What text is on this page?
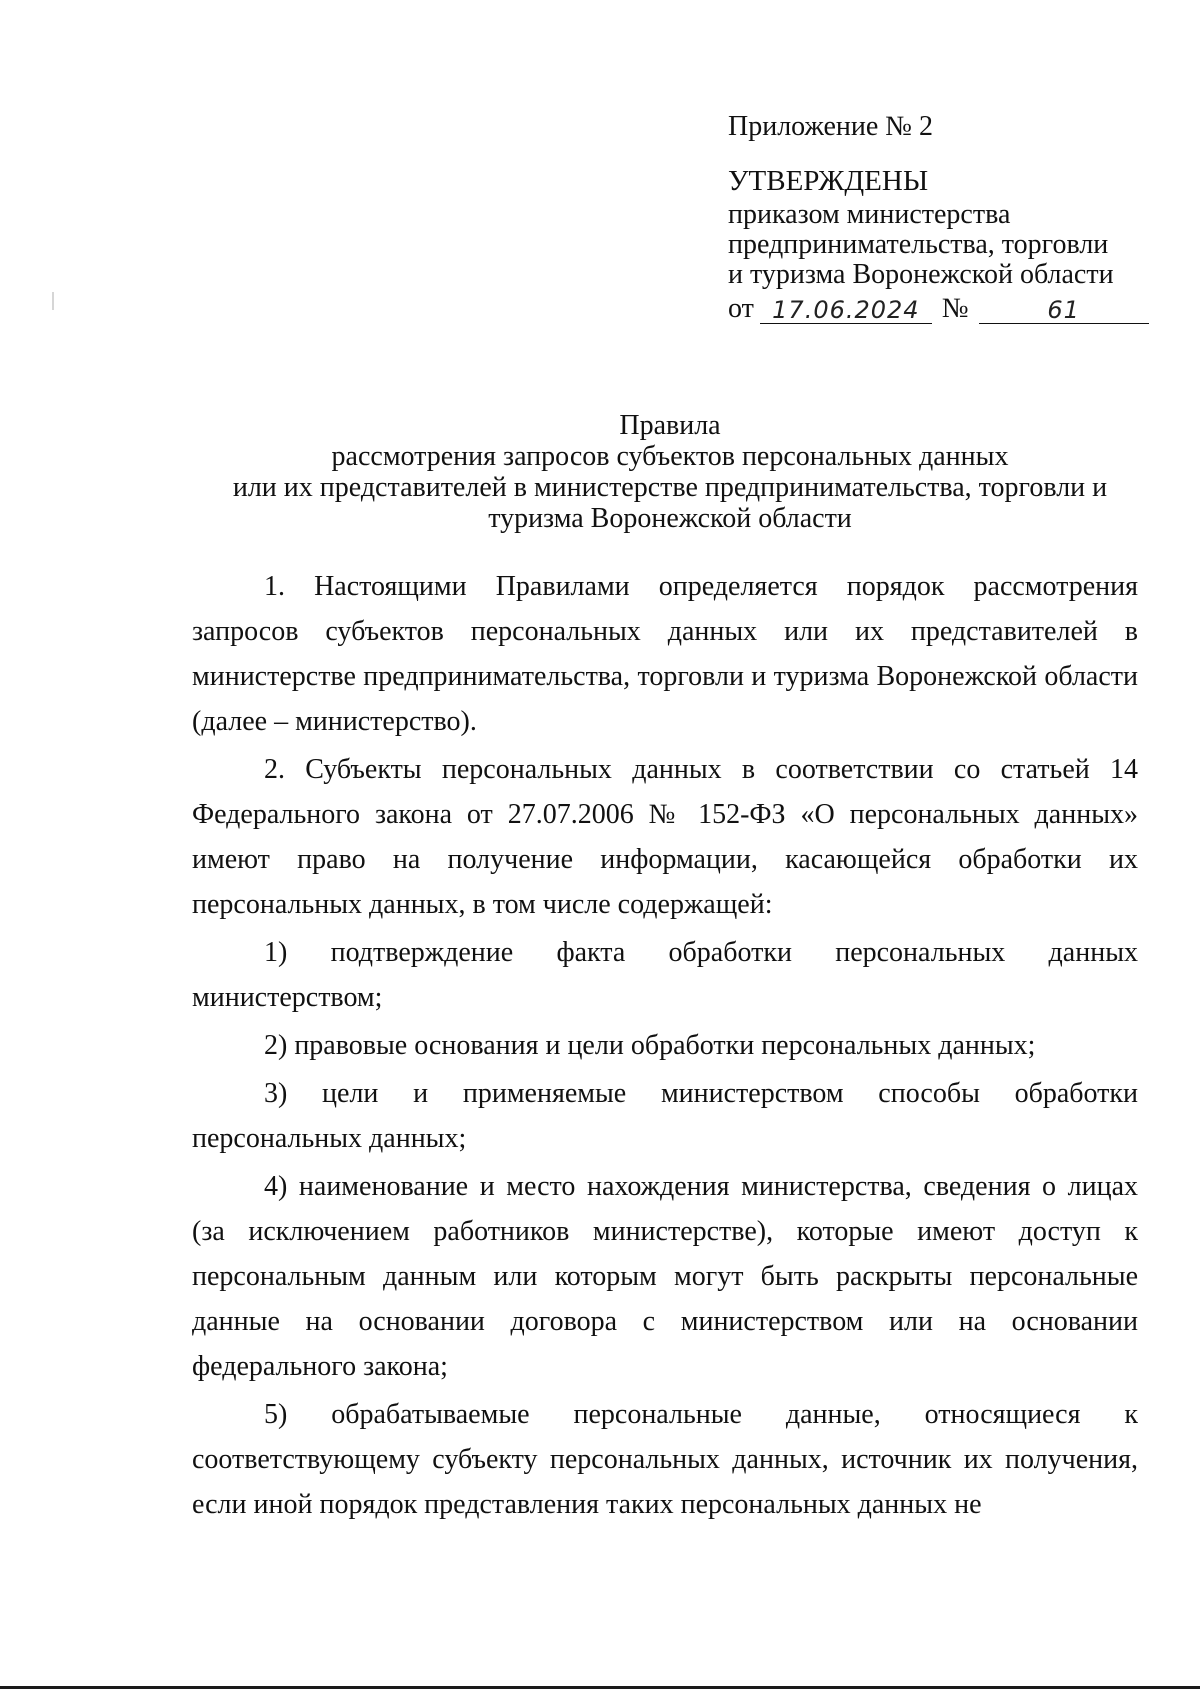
Приложение № 2

УТВЕРЖДЕНЫ

приказом министерства

предпринимательства, торговли

и туризма Воронежской области

от 17.06.2024 №	61

Правила
рассмотрения запросов субъектов персональных данных
или их представителей в министерстве предпринимательства, торговли и
туризма Воронежской области

1. Настоящими Правилами определяется порядок рассмотрения запросов субъектов персональных данных или их представителей в министерстве предпринимательства, торговли и туризма Воронежской области (далее – министерство).

2. Субъекты персональных данных в соответствии со статьей 14 Федерального закона от 27.07.2006 № 152-ФЗ «О персональных данных» имеют право на получение информации, касающейся обработки их персональных данных, в том числе содержащей:

1) подтверждение факта обработки персональных данных министерством;

2) правовые основания и цели обработки персональных данных;

3) цели и применяемые министерством способы обработки персональных данных;

4) наименование и место нахождения министерства, сведения о лицах (за исключением работников министерстве), которые имеют доступ к персональным данным или которым могут быть раскрыты персональные данные на основании договора с министерством или на основании федерального закона;

5) обрабатываемые персональные данные, относящиеся к соответствующему субъекту персональных данных, источник их получения, если иной порядок представления таких персональных данных не
